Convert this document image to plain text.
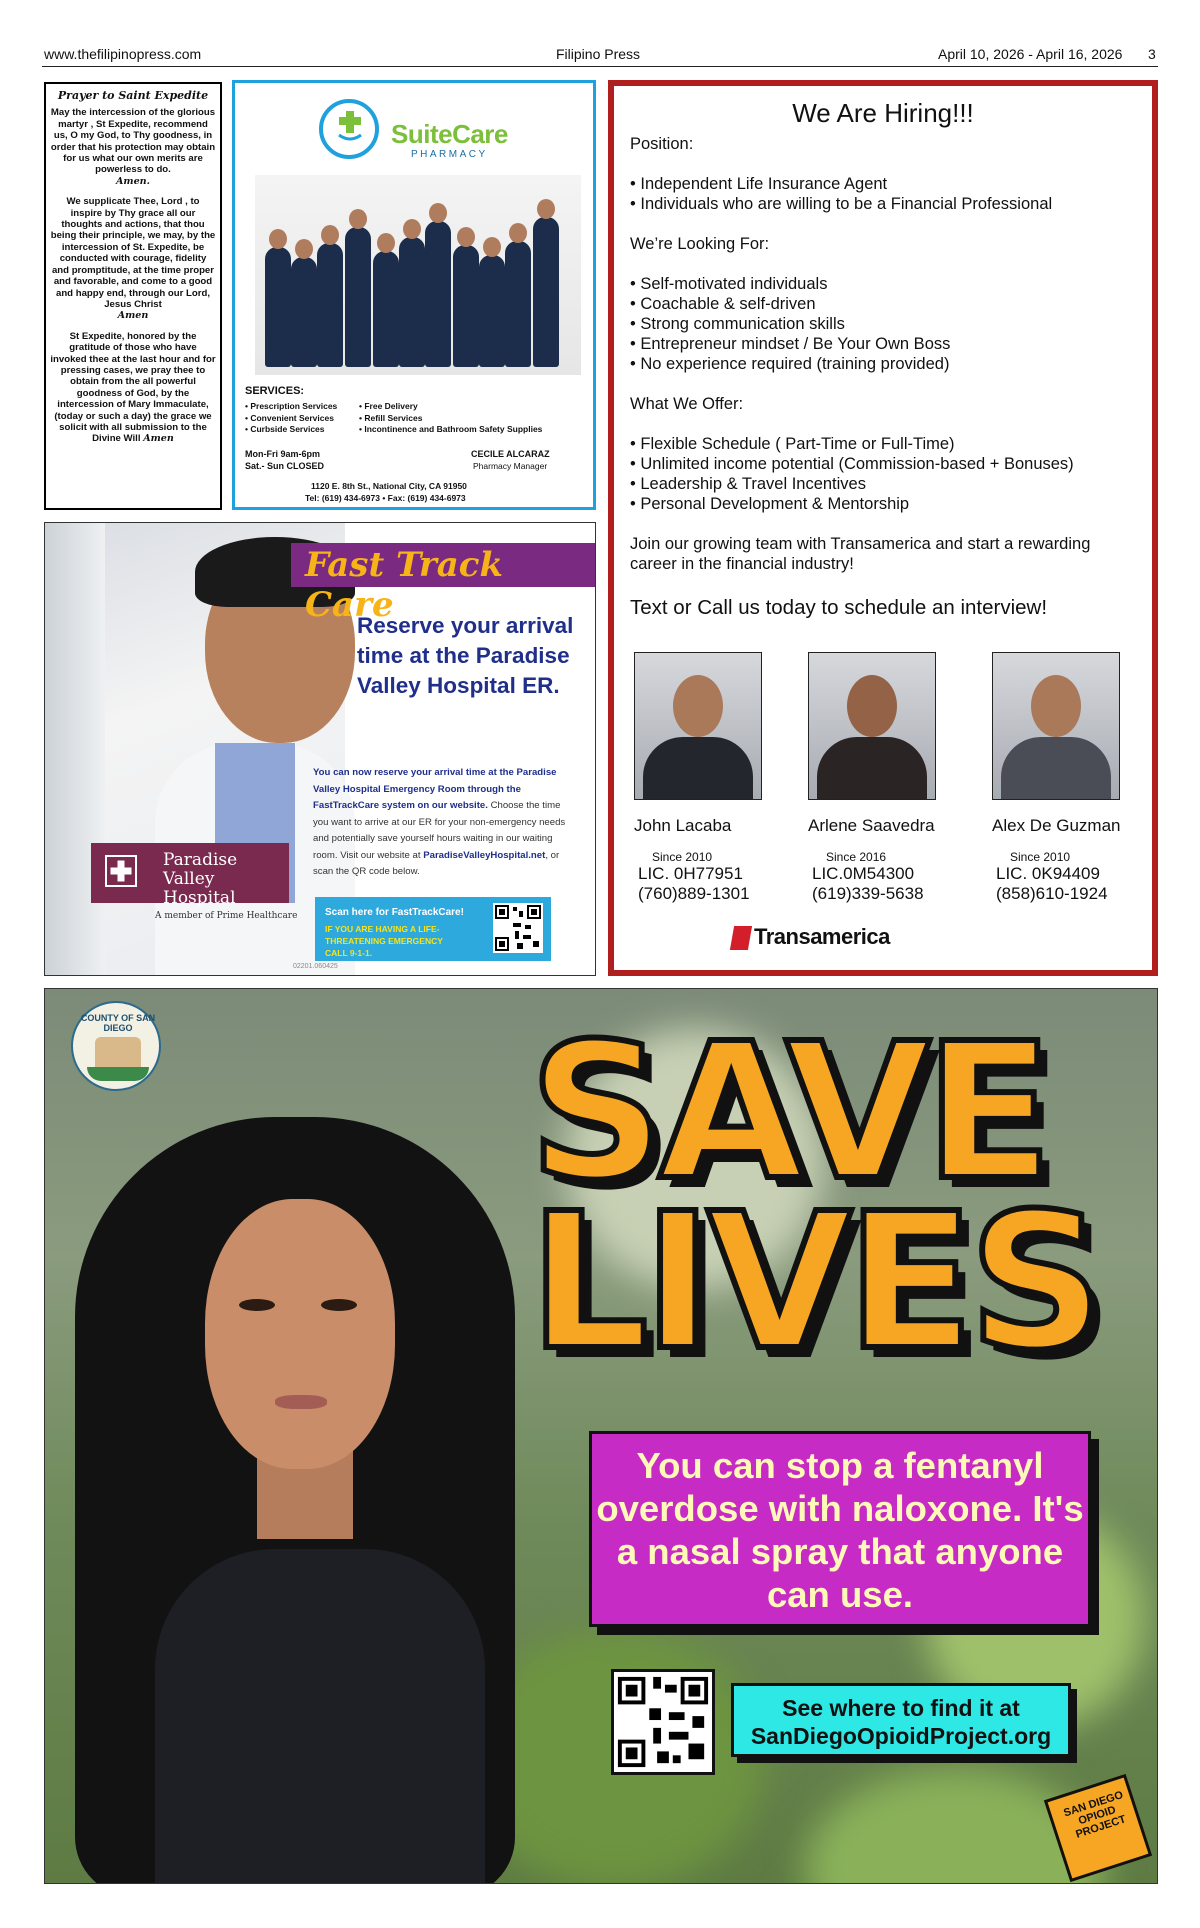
www.thefilipinopress.com	Filipino Press	April 10, 2026 - April 16, 2026 3
Prayer to Saint Expedite

May the intercession of the glorious martyr , St Expedite, recommend us, O my God, to Thy goodness, in order that his protection may obtain for us what our own merits are powerless to do.
Amen.

We supplicate Thee, Lord , to inspire by Thy grace all our thoughts and actions, that thou being their principle, we may, by the intercession of St. Expedite, be conducted with courage, fidelity and promptitude, at the time proper and favorable, and come to a good and happy end, through our Lord, Jesus Christ
Amen

St Expedite, honored by the gratitude of those who have invoked thee at the last hour and for pressing cases, we pray thee to obtain from the all powerful goodness of God, by the intercession of Mary Immaculate, (today or such a day) the grace we solicit with all submission to the Divine Will Amen

SuiteCare
PHARMACY
SERVICES:
• Prescription Services
• Convenient Services
• Curbside Services
• Free Delivery
• Refill Services
• Incontinence and Bathroom Safety Supplies
Mon-Fri 9am-6pm
Sat.- Sun CLOSED
CECILE ALCARAZ
Pharmacy Manager
1120 E. 8th St., National City, CA 91950
Tel: (619) 434-6973 • Fax: (619) 434-6973
Fast Track Care
Reserve your arrival time at the Paradise Valley Hospital ER.
You can now reserve your arrival time at the Paradise Valley Hospital Emergency Room through the FastTrackCare system on our website. Choose the time you want to arrive at our ER for your non-emergency needs and potentially save yourself hours waiting in our waiting room. Visit our website at ParadiseValleyHospital.net, or scan the QR code below.
Paradise Valley Hospital
A member of Prime Healthcare	Scan here for FastTrackCare!
IF YOU ARE HAVING A LIFE-THREATENING EMERGENCY CALL 9-1-1.
02201.060425
We Are Hiring!!!

Position:

• Independent Life Insurance Agent
• Individuals who are willing to be a Financial Professional

We’re Looking For:

• Self-motivated individuals
• Coachable & self-driven
• Strong communication skills
• Entrepreneur mindset / Be Your Own Boss
• No experience required (training provided)

What We Offer:

• Flexible Schedule ( Part-Time or Full-Time)
• Unlimited income potential (Commission-based + Bonuses)
• Leadership & Travel Incentives
• Personal Development & Mentorship

Join our growing team with Transamerica and start a rewarding career in the financial industry!

Text or Call us today to schedule an interview!
John Lacaba
Since 2010
LIC. 0H77951
(760)889-1301
Arlene Saavedra
Since 2016
LIC.0M54300
(619)339-5638
Alex De Guzman
Since 2010
LIC. 0K94409
(858)610-1924
Transamerica
COUNTY OF SAN DIEGO SAVE
LIVES
You can stop a fentanyl overdose with naloxone. It's a nasal spray that anyone can use.
See where to find it at
SanDiegoOpioidProject.org
SAN DIEGO OPIOID PROJECT
